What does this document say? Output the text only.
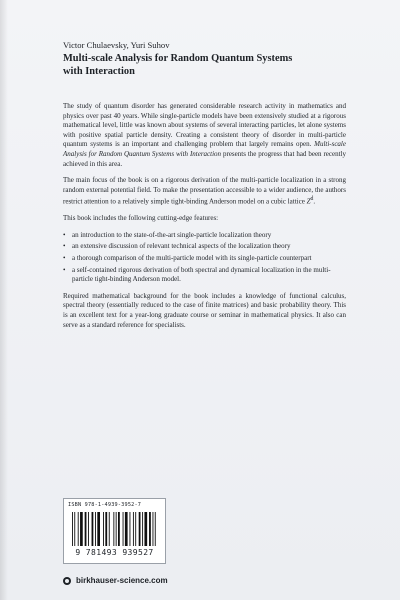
Victor Chulaevsky, Yuri Suhov

Multi-scale Analysis for Random Quantum Systems with Interaction

The study of quantum disorder has generated considerable research activity in mathematics and physics over past 40 years. While single-particle models have been extensively studied at a rigorous mathematical level, little was known about systems of several interacting particles, let alone systems with positive spatial particle density. Creating a consistent theory of disorder in multi-particle quantum systems is an important and challenging problem that largely remains open. Multi-scale Analysis for Random Quantum Systems with Interaction presents the progress that had been recently achieved in this area.

The main focus of the book is on a rigorous derivation of the multi-particle localization in a strong random external potential field. To make the presentation accessible to a wider audience, the authors restrict attention to a relatively simple tight-binding Anderson model on a cubic lattice $Z^d$.

This book includes the following cutting-edge features:

• an introduction to the state-of-the-art single-particle localization theory
• an extensive discussion of relevant technical aspects of the localization theory
• a thorough comparison of the multi-particle model with its single-particle counterpart
• a self-contained rigorous derivation of both spectral and dynamical localization in the multi-particle tight-binding Anderson model.

Required mathematical background for the book includes a knowledge of functional calculus, spectral theory (essentially reduced to the case of finite matrices) and basic probability theory. This is an excellent text for a year-long graduate course or seminar in mathematical physics. It also can serve as a standard reference for specialists.

ISBN 978-1-4939-3952-7
9 781493 939527
birkhauser-science.com
